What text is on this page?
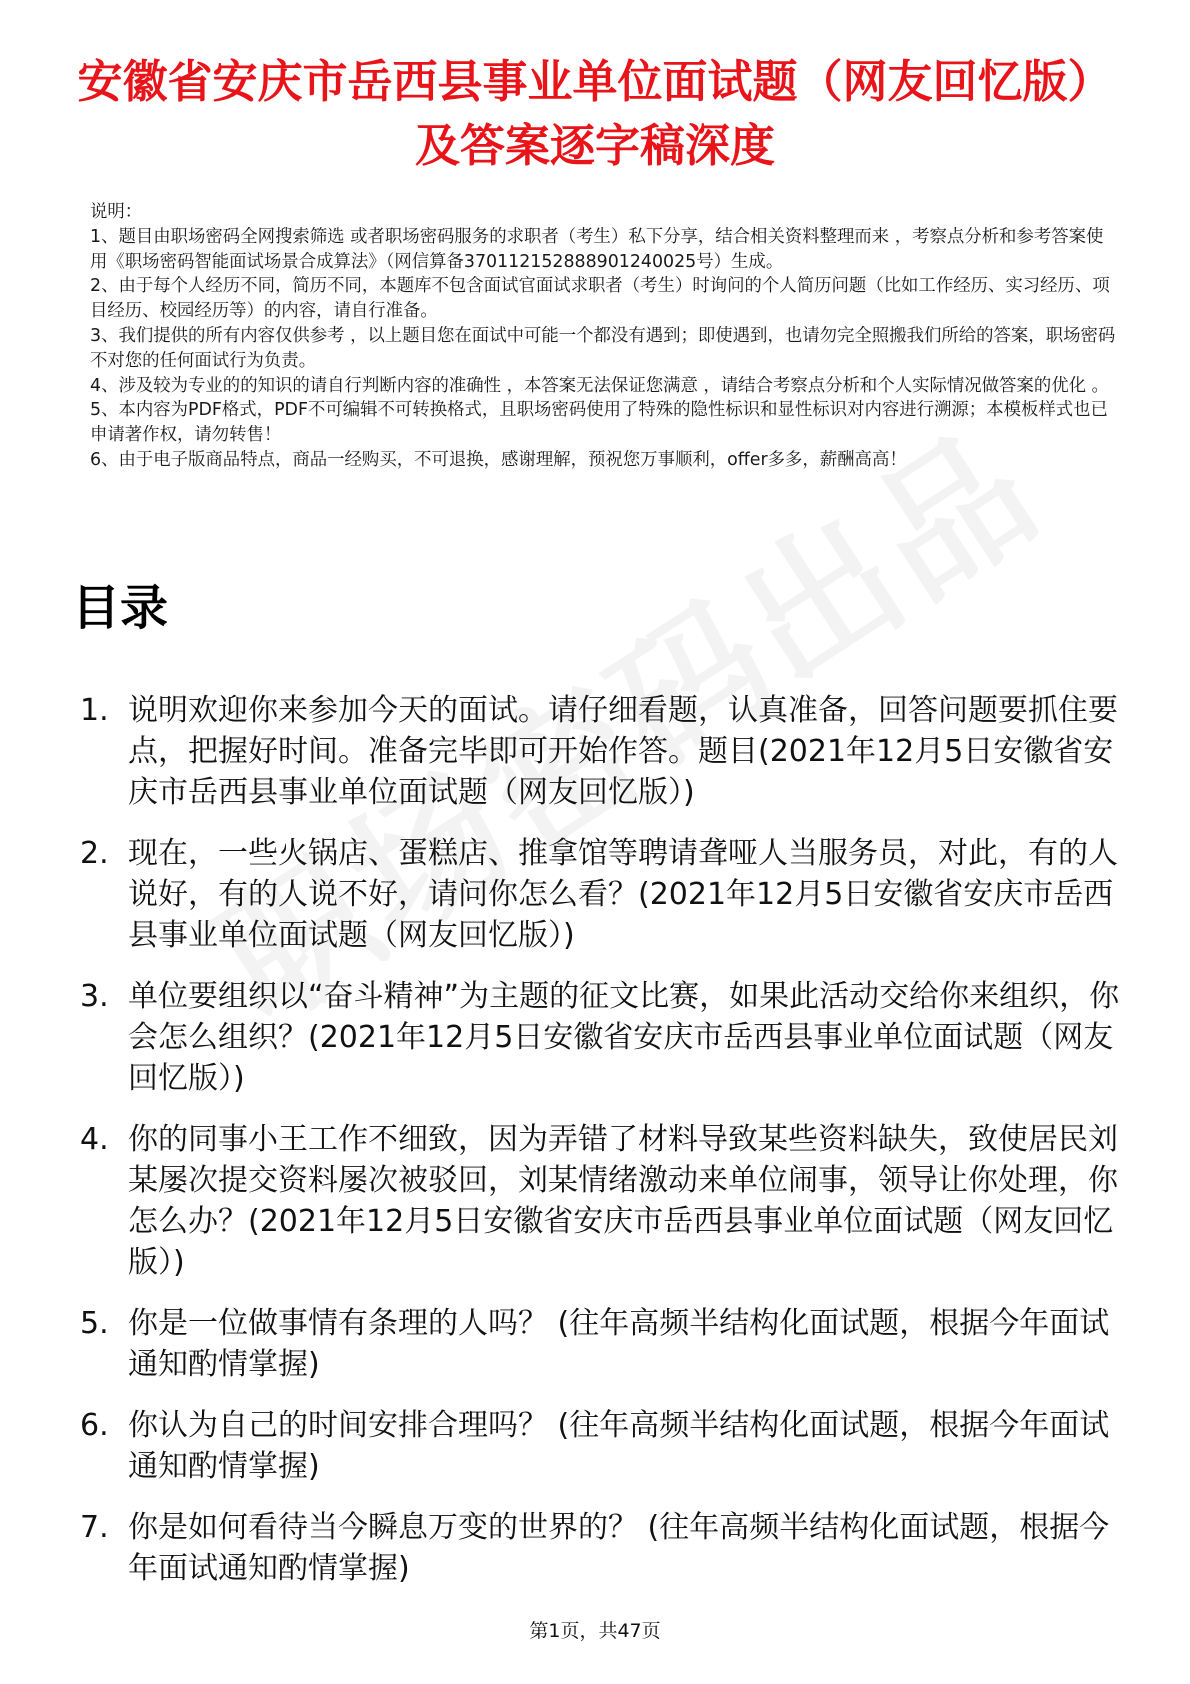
安徽省安庆市岳西县事业单位面试题（网友回忆版）及答案逐字稿深度

说明：

1、题目由职场密码全网搜索筛选 或者职场密码服务的求职者（考生）私下分享，结合相关资料整理而来 ，考察点分析和参考答案使用《职场密码智能面试场景合成算法》（网信算备370112152888901240025号）生成。

2、由于每个人经历不同，简历不同，本题库不包含面试官面试求职者（考生）时询问的个人简历问题（比如工作经历、实习经历、项目经历、校园经历等）的内容，请自行准备。

3、我们提供的所有内容仅供参考 ，以上题目您在面试中可能一个都没有遇到；即使遇到，也请勿完全照搬我们所给的答案，职场密码不对您的任何面试行为负责。

4、涉及较为专业的的知识的请自行判断内容的准确性 ，本答案无法保证您满意 ，请结合考察点分析和个人实际情况做答案的优化 。

5、本内容为PDF格式，PDF不可编辑不可转换格式，且职场密码使用了特殊的隐性标识和显性标识对内容进行溯源；本模板样式也已申请著作权，请勿转售！

6、由于电子版商品特点，商品一经购买，不可退换，感谢理解，预祝您万事顺利，offer多多，薪酬高高！

目录
1. 说明欢迎你来参加今天的面试。请仔细看题，认真准备，回答问题要抓住要点，把握好时间。准备完毕即可开始作答。题目(2021年12月5日安徽省安庆市岳西县事业单位面试题（网友回忆版）)
2. 现在，一些火锅店、蛋糕店、推拿馆等聘请聋哑人当服务员，对此，有的人说好，有的人说不好，请问你怎么看？(2021年12月5日安徽省安庆市岳西县事业单位面试题（网友回忆版）)
3. 单位要组织以“奋斗精神”为主题的征文比赛，如果此活动交给你来组织，你会怎么组织？(2021年12月5日安徽省安庆市岳西县事业单位面试题（网友回忆版）)
4. 你的同事小王工作不细致，因为弄错了材料导致某些资料缺失，致使居民刘某屡次提交资料屡次被驳回，刘某情绪激动来单位闹事，领导让你处理，你怎么办？(2021年12月5日安徽省安庆市岳西县事业单位面试题（网友回忆版）)
5. 你是一位做事情有条理的人吗？ (往年高频半结构化面试题，根据今年面试通知酌情掌握)
6. 你认为自己的时间安排合理吗？ (往年高频半结构化面试题，根据今年面试通知酌情掌握)
7. 你是如何看待当今瞬息万变的世界的？ (往年高频半结构化面试题，根据今年面试通知酌情掌握)
第1页，共47页
